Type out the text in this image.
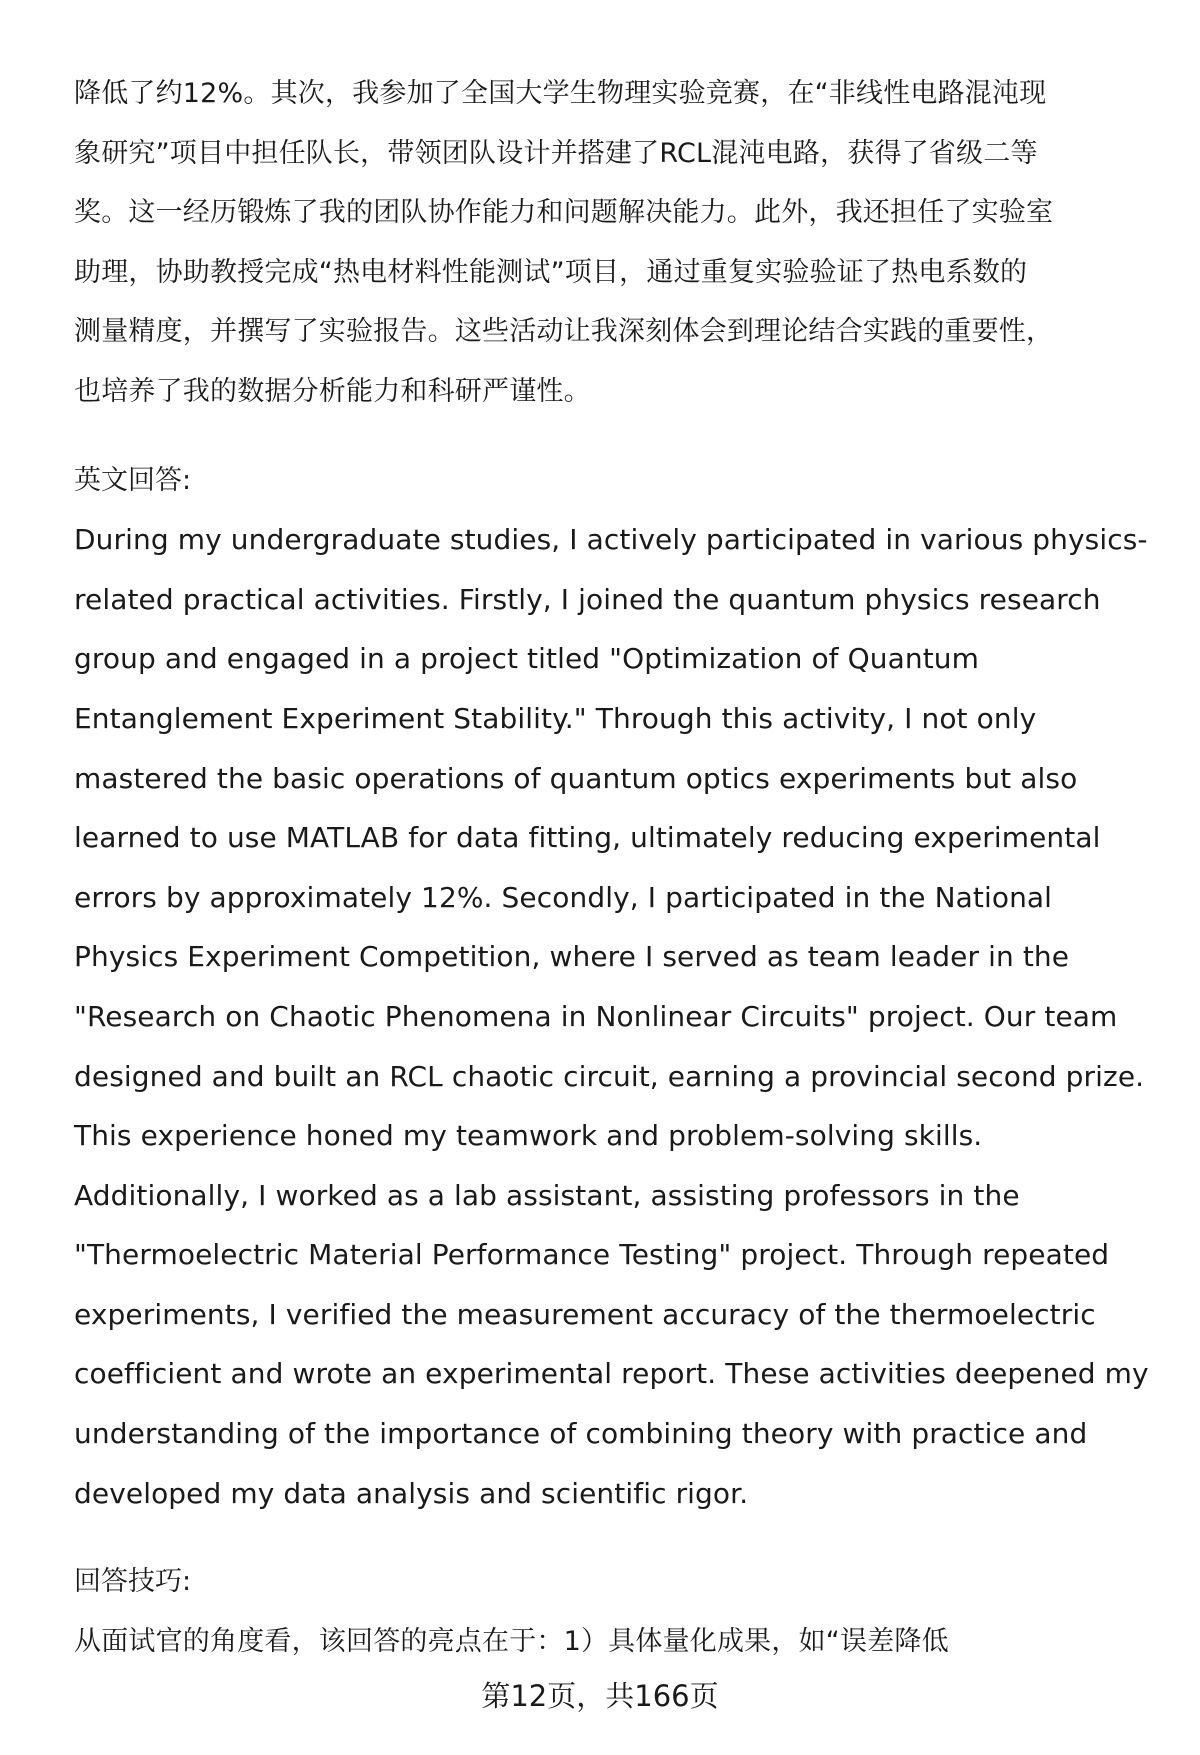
降低了约12%。其次，我参加了全国大学生物理实验竞赛，在“非线性电路混沌现
象研究”项目中担任队长，带领团队设计并搭建了RCL混沌电路，获得了省级二等
奖。这一经历锻炼了我的团队协作能力和问题解决能力。此外，我还担任了实验室
助理，协助教授完成“热电材料性能测试”项目，通过重复实验验证了热电系数的
测量精度，并撰写了实验报告。这些活动让我深刻体会到理论结合实践的重要性，
也培养了我的数据分析能力和科研严谨性。

英文回答:

During my undergraduate studies, I actively participated in various physics-
related practical activities. Firstly, I joined the quantum physics research
group and engaged in a project titled "Optimization of Quantum
Entanglement Experiment Stability." Through this activity, I not only
mastered the basic operations of quantum optics experiments but also
learned to use MATLAB for data fitting, ultimately reducing experimental
errors by approximately 12%. Secondly, I participated in the National
Physics Experiment Competition, where I served as team leader in the
"Research on Chaotic Phenomena in Nonlinear Circuits" project. Our team
designed and built an RCL chaotic circuit, earning a provincial second prize.
This experience honed my teamwork and problem-solving skills.
Additionally, I worked as a lab assistant, assisting professors in the
"Thermoelectric Material Performance Testing" project. Through repeated
experiments, I verified the measurement accuracy of the thermoelectric
coefficient and wrote an experimental report. These activities deepened my
understanding of the importance of combining theory with practice and
developed my data analysis and scientific rigor.

回答技巧:

从面试官的角度看，该回答的亮点在于：1）具体量化成果，如“误差降低

第12页，共166页
